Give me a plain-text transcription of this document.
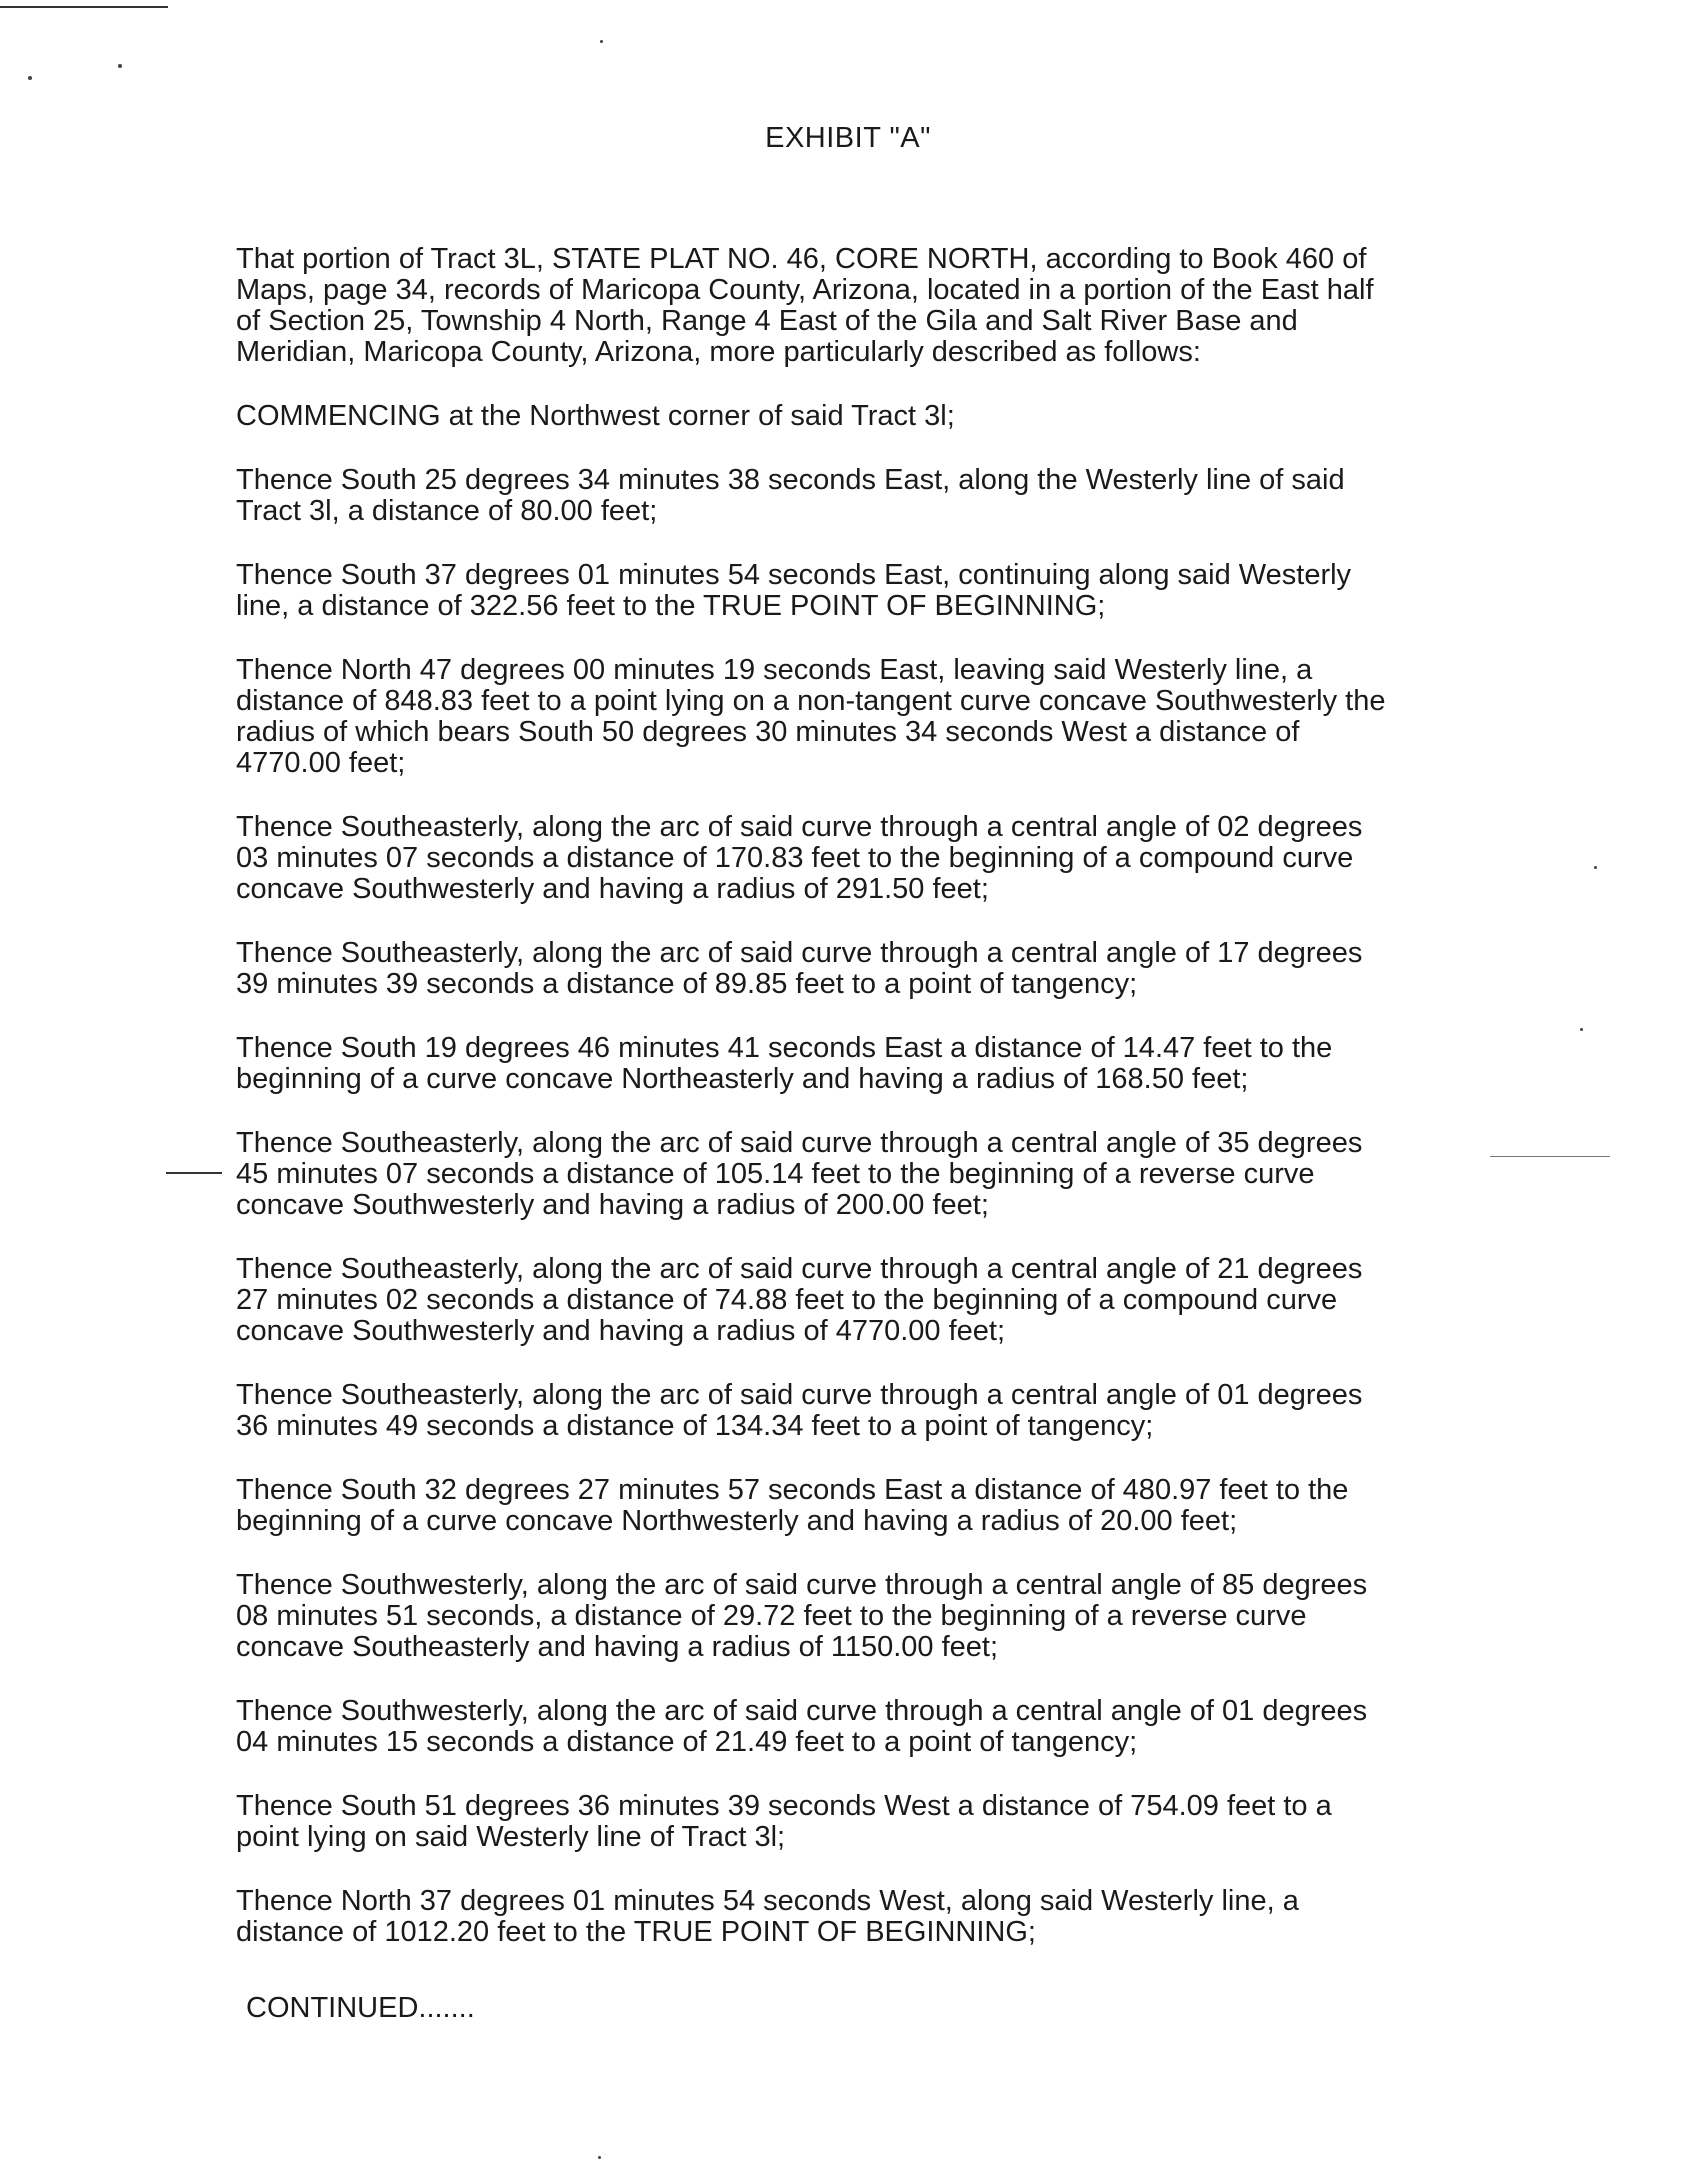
EXHIBIT "A"

That portion of Tract 3L, STATE PLAT NO. 46, CORE NORTH, according to Book 460 of
Maps, page 34, records of Maricopa County, Arizona, located in a portion of the East half
of Section 25, Township 4 North, Range 4 East of the Gila and Salt River Base and
Meridian, Maricopa County, Arizona, more particularly described as follows:

COMMENCING at the Northwest corner of said Tract 3l;

Thence South 25 degrees 34 minutes 38 seconds East, along the Westerly line of said
Tract 3l, a distance of 80.00 feet;

Thence South 37 degrees 01 minutes 54 seconds East, continuing along said Westerly
line, a distance of 322.56 feet to the TRUE POINT OF BEGINNING;

Thence North 47 degrees 00 minutes 19 seconds East, leaving said Westerly line, a
distance of 848.83 feet to a point lying on a non-tangent curve concave Southwesterly the
radius of which bears South 50 degrees 30 minutes 34 seconds West a distance of
4770.00 feet;

Thence Southeasterly, along the arc of said curve through a central angle of 02 degrees
03 minutes 07 seconds a distance of 170.83 feet to the beginning of a compound curve
concave Southwesterly and having a radius of 291.50 feet;

Thence Southeasterly, along the arc of said curve through a central angle of 17 degrees
39 minutes 39 seconds a distance of 89.85 feet to a point of tangency;

Thence South 19 degrees 46 minutes 41 seconds East a distance of 14.47 feet to the
beginning of a curve concave Northeasterly and having a radius of 168.50 feet;

Thence Southeasterly, along the arc of said curve through a central angle of 35 degrees
45 minutes 07 seconds a distance of 105.14 feet to the beginning of a reverse curve
concave Southwesterly and having a radius of 200.00 feet;

Thence Southeasterly, along the arc of said curve through a central angle of 21 degrees
27 minutes 02 seconds a distance of 74.88 feet to the beginning of a compound curve
concave Southwesterly and having a radius of 4770.00 feet;

Thence Southeasterly, along the arc of said curve through a central angle of 01 degrees
36 minutes 49 seconds a distance of 134.34 feet to a point of tangency;

Thence South 32 degrees 27 minutes 57 seconds East a distance of 480.97 feet to the
beginning of a curve concave Northwesterly and having a radius of 20.00 feet;

Thence Southwesterly, along the arc of said curve through a central angle of 85 degrees
08 minutes 51 seconds, a distance of 29.72 feet to the beginning of a reverse curve
concave Southeasterly and having a radius of 1150.00 feet;

Thence Southwesterly, along the arc of said curve through a central angle of 01 degrees
04 minutes 15 seconds a distance of 21.49 feet to a point of tangency;

Thence South 51 degrees 36 minutes 39 seconds West a distance of 754.09 feet to a
point lying on said Westerly line of Tract 3l;

Thence North 37 degrees 01 minutes 54 seconds West, along said Westerly line, a
distance of 1012.20 feet to the TRUE POINT OF BEGINNING;

CONTINUED.......
